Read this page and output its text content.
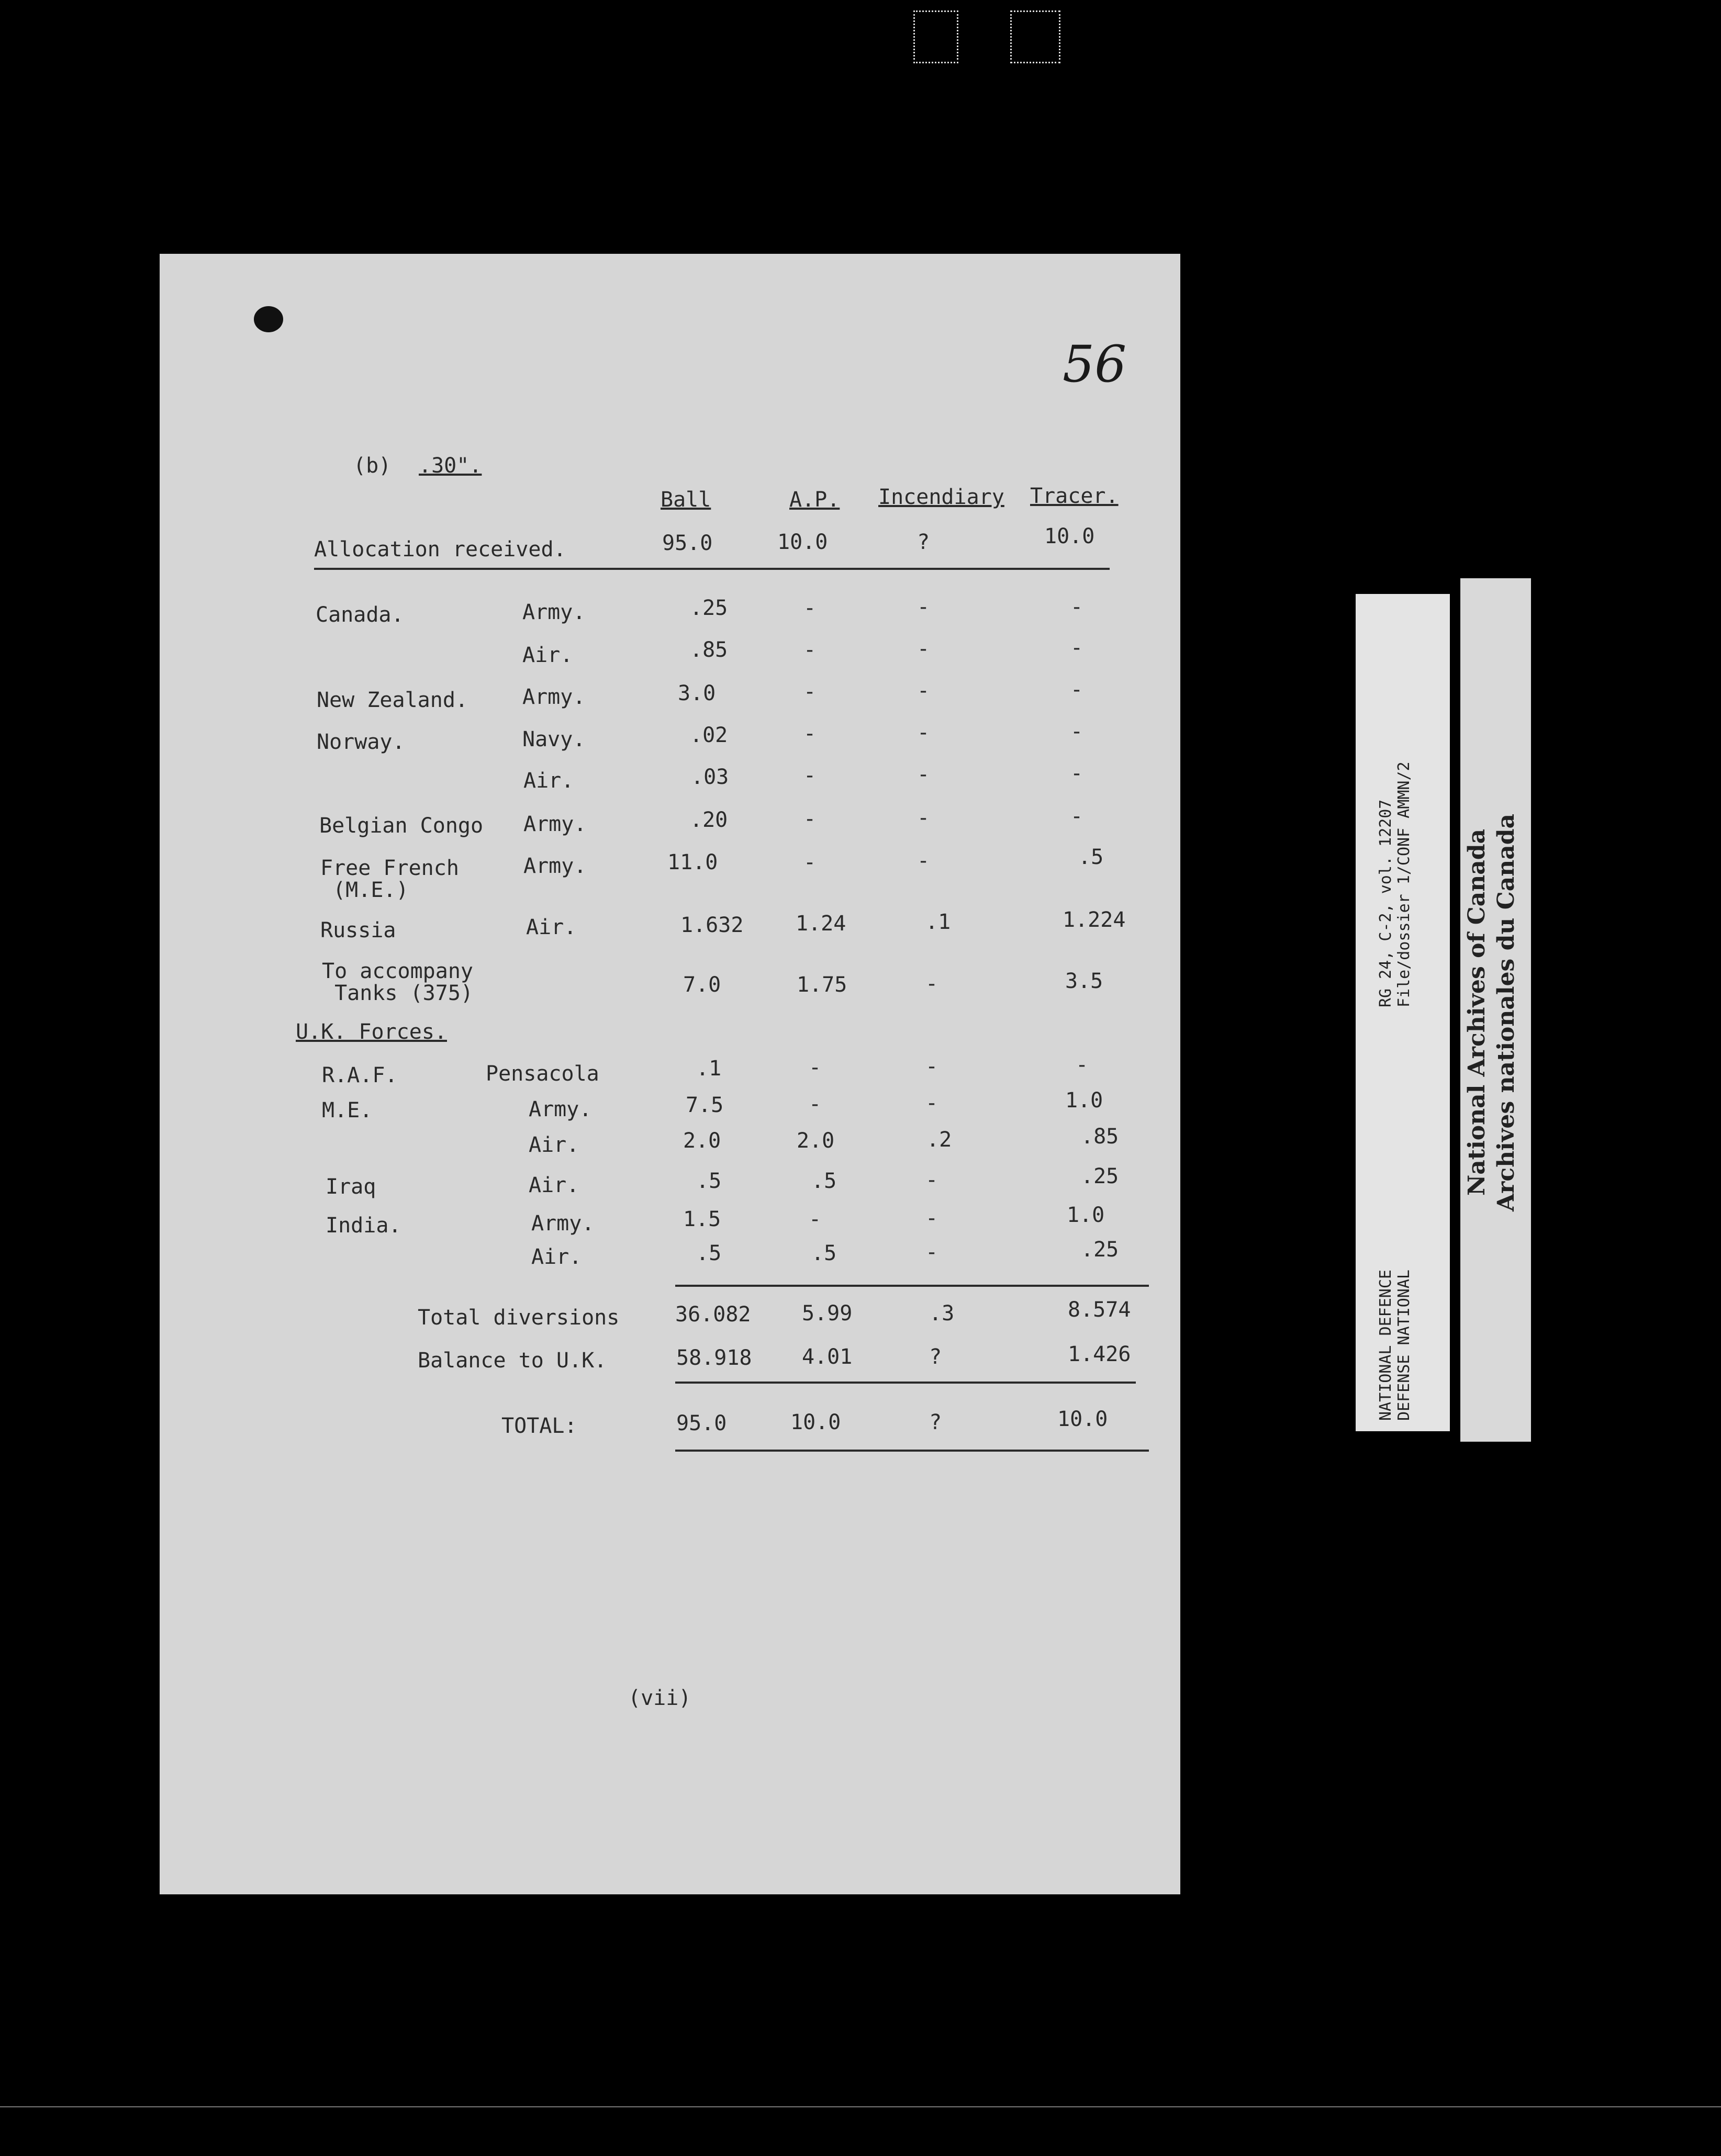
56
(b) .30".
Ball	A.P. Incendiary Tracer.
Allocation received.	95.0	10.0	?	10.0
Canada.	Army.	.25	-	-	-
Air.	.85	-	-	-
New Zealand.	Army.	3.0	-	-	-
Norway.	Navy.	.02	-	-	-
Air.	.03	-	-	-
Belgian Congo Army.	.20	-	-	-
Free French
(M.E.)
Army.	11.0	-	-	.5
Russia	Air.	1.632 1.24	.1	1.224
To accompany
Tanks (375)	7.0	1.75	-	3.5
U.K. Forces.
R.A.F.	Pensacola	.1	-	-	-
M.E.	Army.	7.5	-	-	1.0
Air.	2.0	2.0	.2	.85
Iraq	Air.	.5	.5	-	.25
India.	Army.	1.5	-	-	1.0
Air.	.5	.5	-	.25
Total diversions	36.082 5.99	.3	8.574
Balance to U.K.	58.918 4.01	?	1.426
TOTAL:	95.0	10.0	?	10.0
(vii)
RG 24, C-2, vol. 12207 File/dossier 1/CONF AMMN/2
NATIONAL DEFENCE DEFENSE NATIONAL
National Archives of Canada Archives nationales du Canada
